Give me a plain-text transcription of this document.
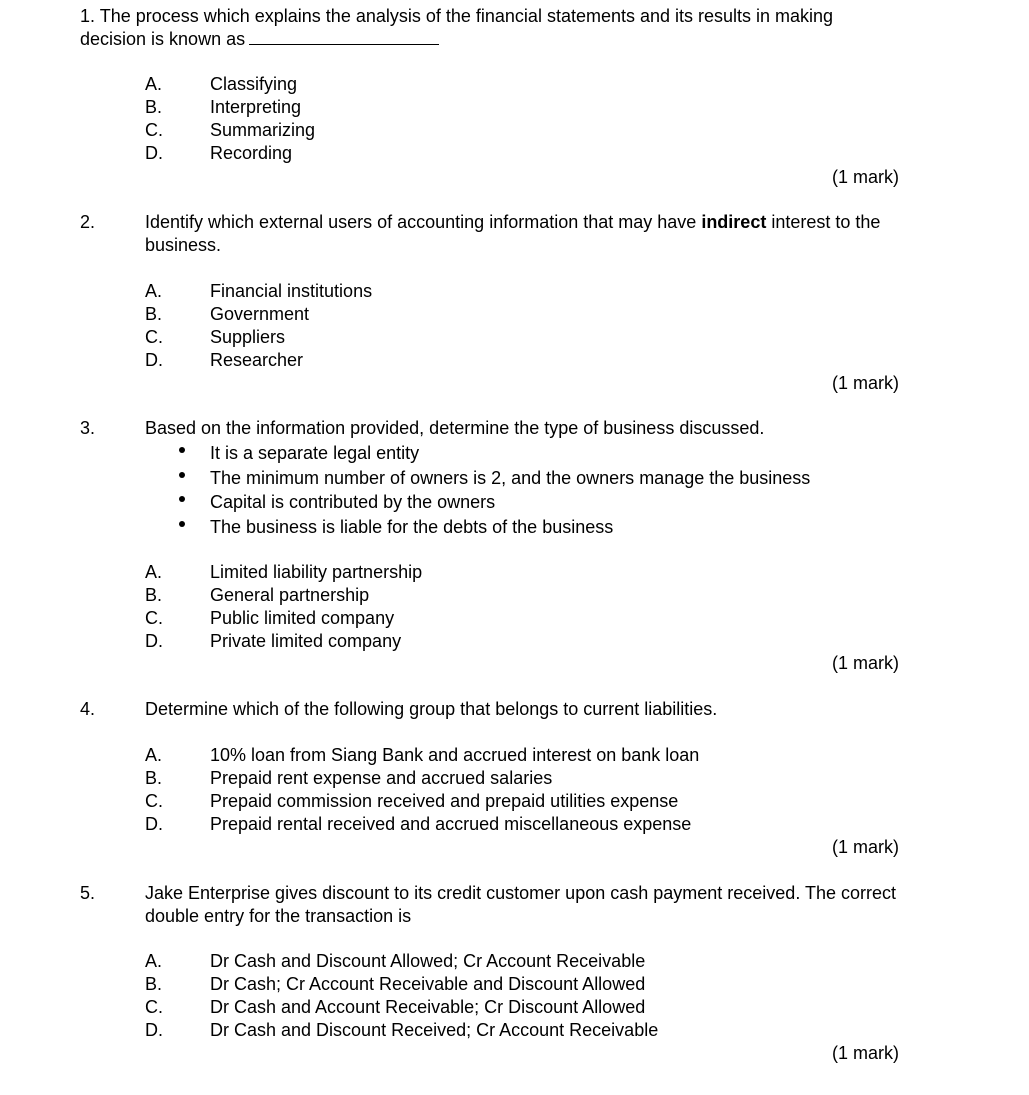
1. The process which explains the analysis of the financial statements and its results in making decision is known as
A.	Classifying
B.	Interpreting
C.	Summarizing
D.	Recording
(1 mark)
2.	Identify which external users of accounting information that may have indirect interest to the business.
A.	Financial institutions
B.	Government
C.	Suppliers
D.	Researcher
(1 mark)
3.	Based on the information provided, determine the type of business discussed.
It is a separate legal entity
The minimum number of owners is 2, and the owners manage the business
Capital is contributed by the owners
The business is liable for the debts of the business
A.	Limited liability partnership
B.	General partnership
C.	Public limited company
D.	Private limited company
(1 mark)
4.	Determine which of the following group that belongs to current liabilities.
A.	10% loan from Siang Bank and accrued interest on bank loan
B.	Prepaid rent expense and accrued salaries
C.	Prepaid commission received and prepaid utilities expense
D.	Prepaid rental received and accrued miscellaneous expense
(1 mark)
5.	Jake Enterprise gives discount to its credit customer upon cash payment received. The correct double entry for the transaction is
A.	Dr Cash and Discount Allowed; Cr Account Receivable
B.	Dr Cash; Cr Account Receivable and Discount Allowed
C.	Dr Cash and Account Receivable; Cr Discount Allowed
D.	Dr Cash and Discount Received; Cr Account Receivable
(1 mark)
